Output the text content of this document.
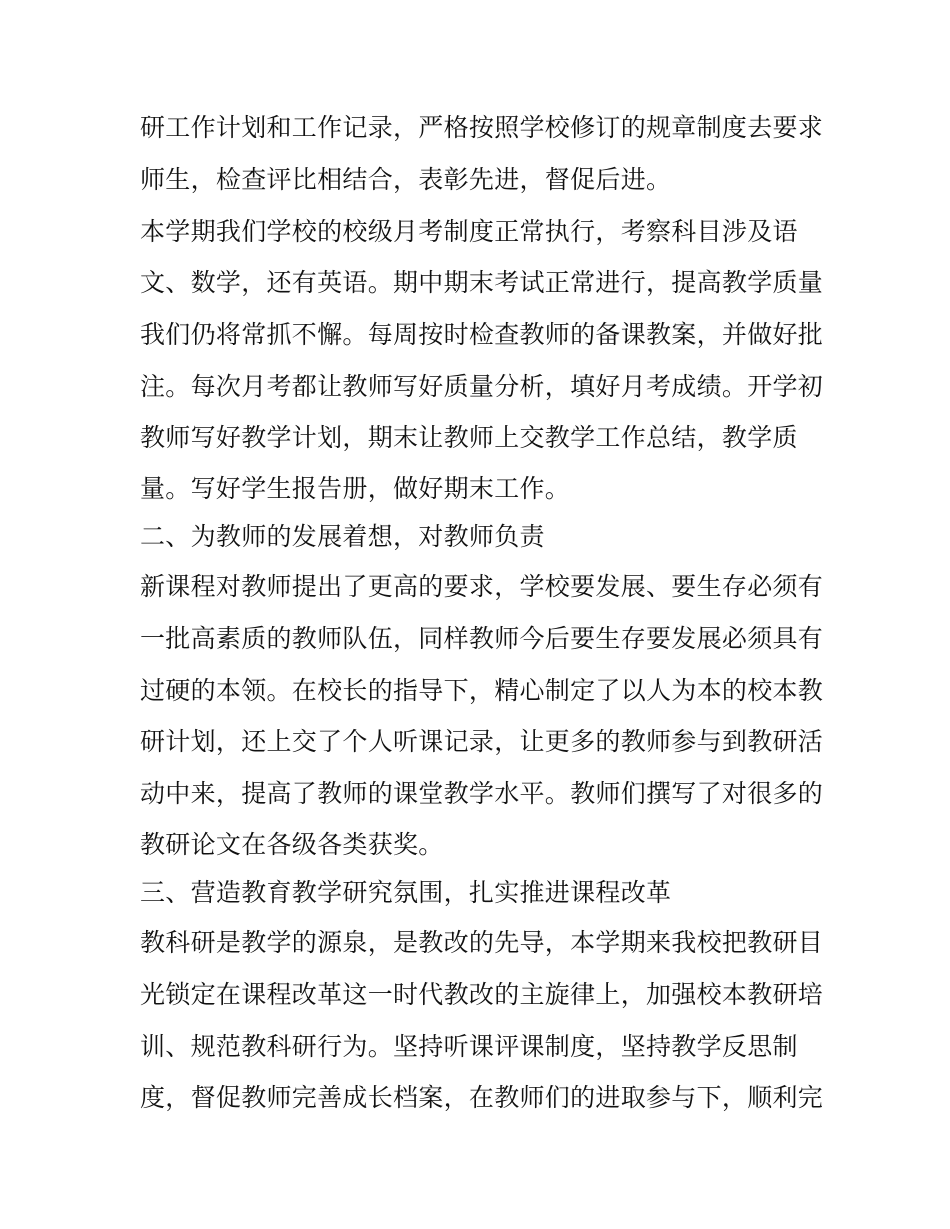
研工作计划和工作记录，严格按照学校修订的规章制度去要求
师生，检查评比相结合，表彰先进，督促后进。
本学期我们学校的校级月考制度正常执行，考察科目涉及语
文、数学，还有英语。期中期末考试正常进行，提高教学质量
我们仍将常抓不懈。每周按时检查教师的备课教案，并做好批
注。每次月考都让教师写好质量分析，填好月考成绩。开学初
教师写好教学计划，期末让教师上交教学工作总结，教学质
量。写好学生报告册，做好期末工作。
二、为教师的发展着想，对教师负责
新课程对教师提出了更高的要求，学校要发展、要生存必须有
一批高素质的教师队伍，同样教师今后要生存要发展必须具有
过硬的本领。在校长的指导下，精心制定了以人为本的校本教
研计划，还上交了个人听课记录，让更多的教师参与到教研活
动中来，提高了教师的课堂教学水平。教师们撰写了对很多的
教研论文在各级各类获奖。
三、营造教育教学研究氛围，扎实推进课程改革
教科研是教学的源泉，是教改的先导，本学期来我校把教研目
光锁定在课程改革这一时代教改的主旋律上，加强校本教研培
训、规范教科研行为。坚持听课评课制度，坚持教学反思制
度，督促教师完善成长档案，在教师们的进取参与下，顺利完
